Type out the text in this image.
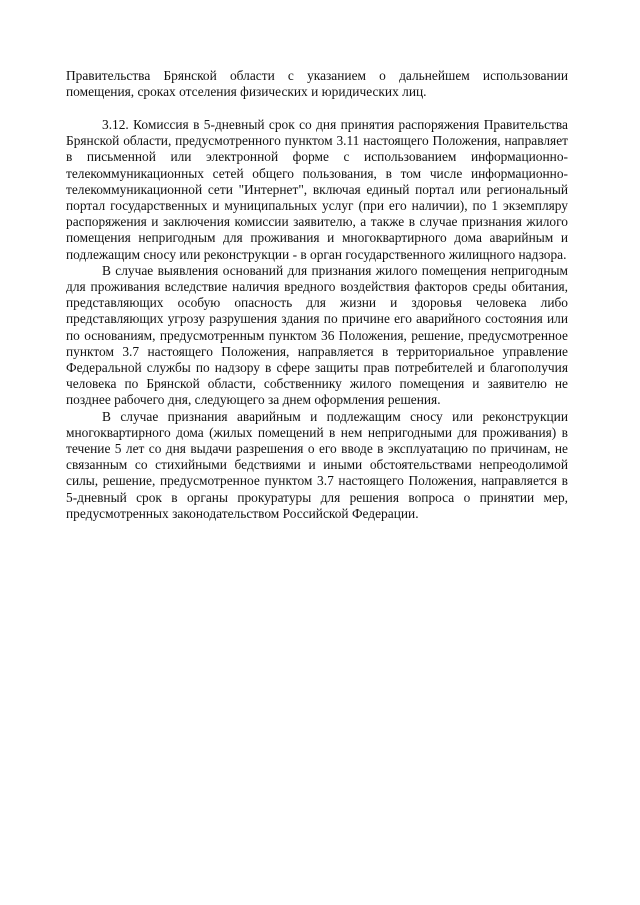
Правительства Брянской области с указанием о дальнейшем использовании помещения, сроках отселения физических и юридических лиц.

3.12. Комиссия в 5-дневный срок со дня принятия распоряжения Правительства Брянской области, предусмотренного пунктом 3.11 настоящего Положения, направляет в письменной или электронной форме с использованием информационно-телекоммуникационных сетей общего пользования, в том числе информационно-телекоммуникационной сети "Интернет", включая единый портал или региональный портал государственных и муниципальных услуг (при его наличии), по 1 экземпляру распоряжения и заключения комиссии заявителю, а также в случае признания жилого помещения непригодным для проживания и многоквартирного дома аварийным и подлежащим сносу или реконструкции - в орган государственного жилищного надзора.

В случае выявления оснований для признания жилого помещения непригодным для проживания вследствие наличия вредного воздействия факторов среды обитания, представляющих особую опасность для жизни и здоровья человека либо представляющих угрозу разрушения здания по причине его аварийного состояния или по основаниям, предусмотренным пунктом 36 Положения, решение, предусмотренное пунктом 3.7 настоящего Положения, направляется в территориальное управление Федеральной службы по надзору в сфере защиты прав потребителей и благополучия человека по Брянской области, собственнику жилого помещения и заявителю не позднее рабочего дня, следующего за днем оформления решения.

В случае признания аварийным и подлежащим сносу или реконструкции многоквартирного дома (жилых помещений в нем непригодными для проживания) в течение 5 лет со дня выдачи разрешения о его вводе в эксплуатацию по причинам, не связанным со стихийными бедствиями и иными обстоятельствами непреодолимой силы, решение, предусмотренное пунктом 3.7 настоящего Положения, направляется в 5-дневный срок в органы прокуратуры для решения вопроса о принятии мер, предусмотренных законодательством Российской Федерации.
